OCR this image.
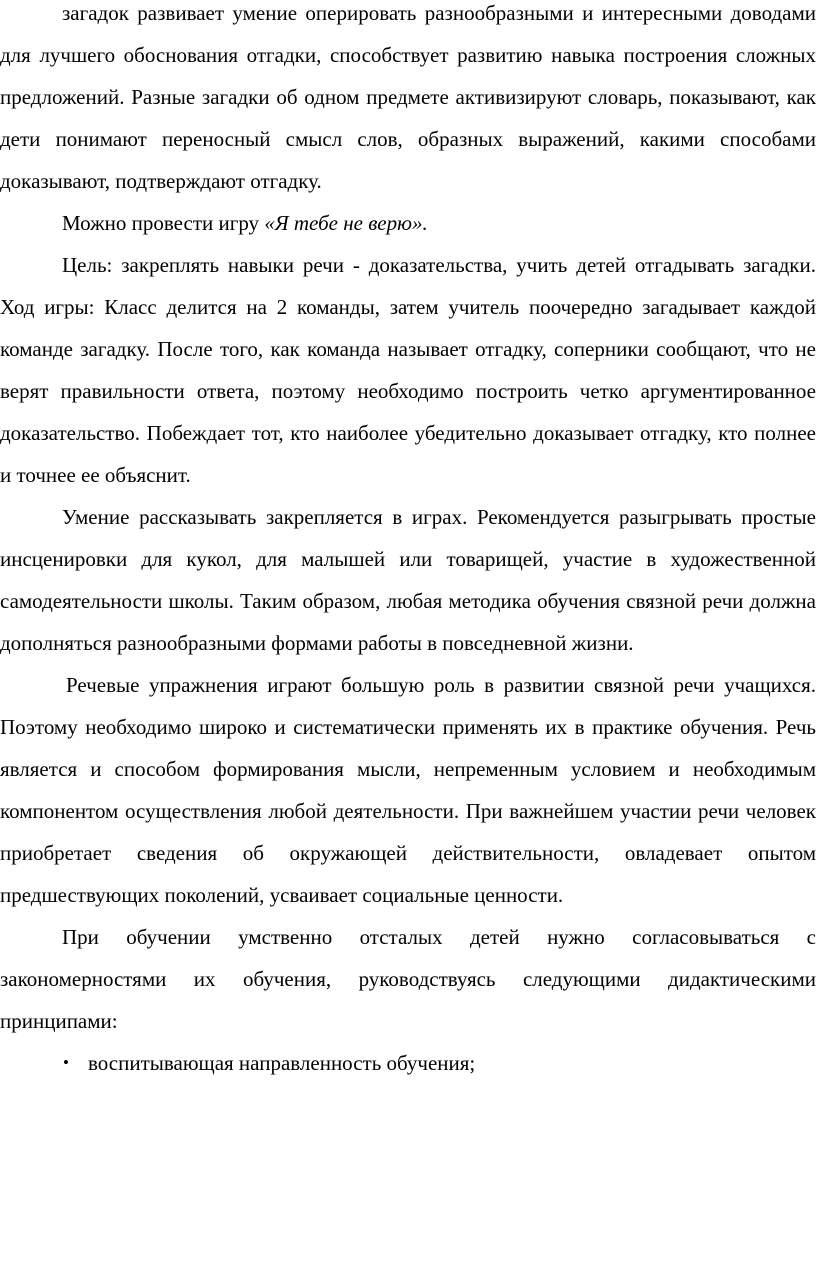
загадок развивает умение оперировать разнообразными и интересными доводами для лучшего обоснования отгадки, способствует развитию навыка построения сложных предложений. Разные загадки об одном предмете активизируют словарь, показывают, как дети понимают переносный смысл слов, образных выражений, какими способами доказывают, подтверждают отгадку.

Можно провести игру «Я тебе не верю».

Цель: закреплять навыки речи - доказательства, учить детей отгадывать загадки. Ход игры: Класс делится на 2 команды, затем учитель поочередно загадывает каждой команде загадку. После того, как команда называет отгадку, соперники сообщают, что не верят правильности ответа, поэтому необходимо построить четко аргументированное доказательство. Побеждает тот, кто наиболее убедительно доказывает отгадку, кто полнее и точнее ее объяснит.

Умение рассказывать закрепляется в играх. Рекомендуется разыгрывать простые инсценировки для кукол, для малышей или товарищей, участие в художественной самодеятельности школы. Таким образом, любая методика обучения связной речи должна дополняться разнообразными формами работы в повседневной жизни.

Речевые упражнения играют большую роль в развитии связной речи учащихся. Поэтому необходимо широко и систематически применять их в практике обучения. Речь является и способом формирования мысли, непременным условием и необходимым компонентом осуществления любой деятельности. При важнейшем участии речи человек приобретает сведения об окружающей действительности, овладевает опытом предшествующих поколений, усваивает социальные ценности.

При обучении умственно отсталых детей нужно согласовываться с закономерностями их обучения, руководствуясь следующими дидактическими принципами:

• воспитывающая направленность обучения;
